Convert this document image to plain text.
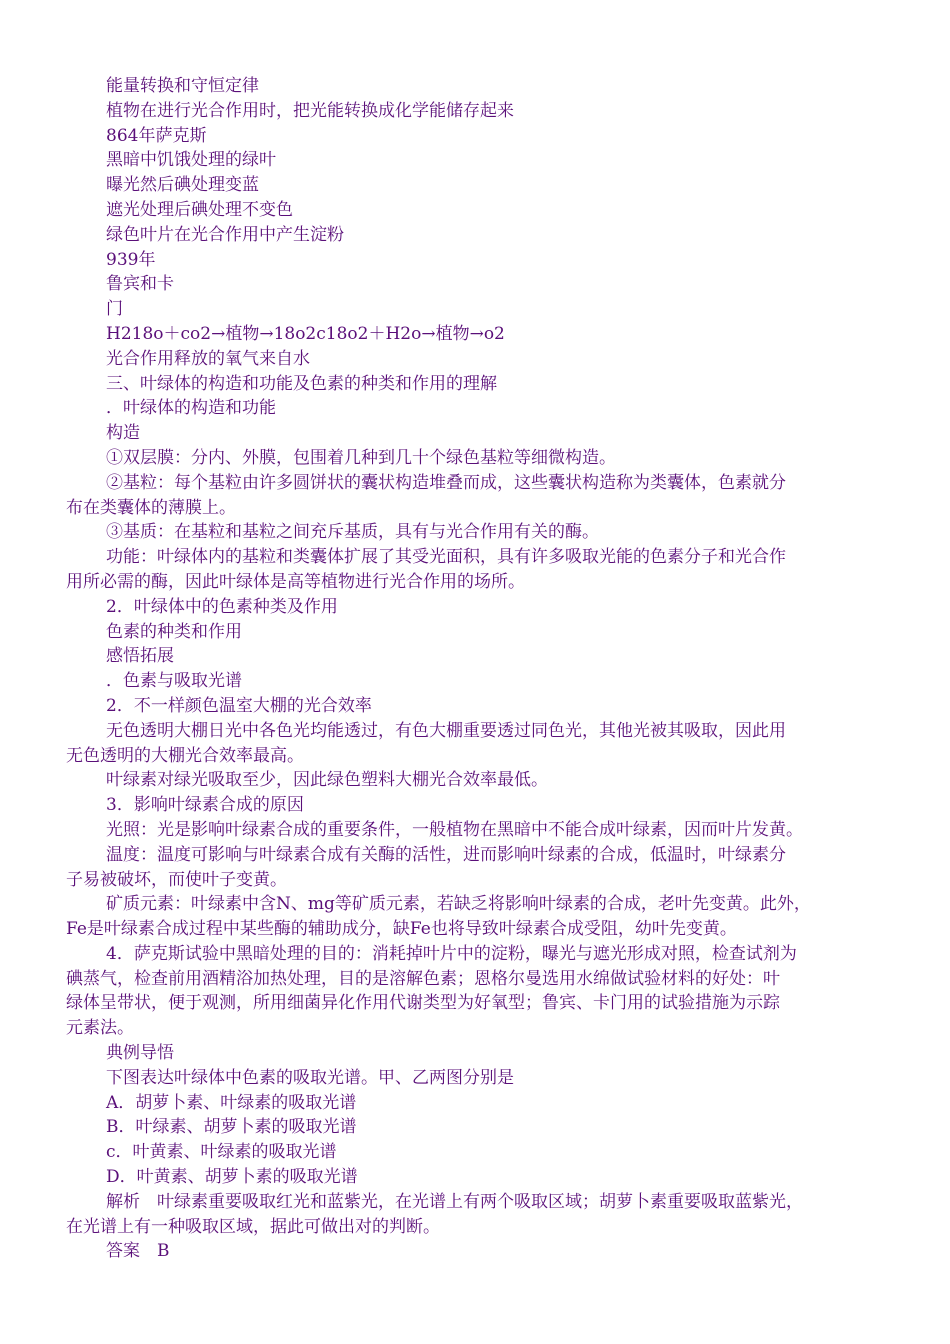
能量转换和守恒定律
植物在进行光合作用时，把光能转换成化学能储存起来
864年萨克斯
黑暗中饥饿处理的绿叶
曝光然后碘处理变蓝
遮光处理后碘处理不变色
绿色叶片在光合作用中产生淀粉
939年
鲁宾和卡
门
H218o＋co2→植物→18o2c18o2＋H2o→植物→o2
光合作用释放的氧气来自水
三、叶绿体的构造和功能及色素的种类和作用的理解
．叶绿体的构造和功能
构造
①双层膜：分内、外膜，包围着几种到几十个绿色基粒等细微构造。
②基粒：每个基粒由许多圆饼状的囊状构造堆叠而成，这些囊状构造称为类囊体，色素就分
布在类囊体的薄膜上。
③基质：在基粒和基粒之间充斥基质，具有与光合作用有关的酶。
功能：叶绿体内的基粒和类囊体扩展了其受光面积，具有许多吸取光能的色素分子和光合作
用所必需的酶，因此叶绿体是高等植物进行光合作用的场所。
2．叶绿体中的色素种类及作用
色素的种类和作用
感悟拓展
．色素与吸取光谱
2．不一样颜色温室大棚的光合效率
无色透明大棚日光中各色光均能透过，有色大棚重要透过同色光，其他光被其吸取，因此用
无色透明的大棚光合效率最高。
叶绿素对绿光吸取至少，因此绿色塑料大棚光合效率最低。
3．影响叶绿素合成的原因
光照：光是影响叶绿素合成的重要条件，一般植物在黑暗中不能合成叶绿素，因而叶片发黄。
温度：温度可影响与叶绿素合成有关酶的活性，进而影响叶绿素的合成，低温时，叶绿素分
子易被破坏，而使叶子变黄。
矿质元素：叶绿素中含N、mg等矿质元素，若缺乏将影响叶绿素的合成，老叶先变黄。此外，
Fe是叶绿素合成过程中某些酶的辅助成分，缺Fe也将导致叶绿素合成受阻，幼叶先变黄。
4．萨克斯试验中黑暗处理的目的：消耗掉叶片中的淀粉，曝光与遮光形成对照，检查试剂为
碘蒸气，检查前用酒精浴加热处理，目的是溶解色素；恩格尔曼选用水绵做试验材料的好处：叶
绿体呈带状，便于观测，所用细菌异化作用代谢类型为好氧型；鲁宾、卡门用的试验措施为示踪
元素法。
典例导悟
下图表达叶绿体中色素的吸取光谱。甲、乙两图分别是
A．胡萝卜素、叶绿素的吸取光谱
B．叶绿素、胡萝卜素的吸取光谱
c．叶黄素、叶绿素的吸取光谱
D．叶黄素、胡萝卜素的吸取光谱
解析　叶绿素重要吸取红光和蓝紫光，在光谱上有两个吸取区域；胡萝卜素重要吸取蓝紫光，
在光谱上有一种吸取区域，据此可做出对的判断。
答案　B
